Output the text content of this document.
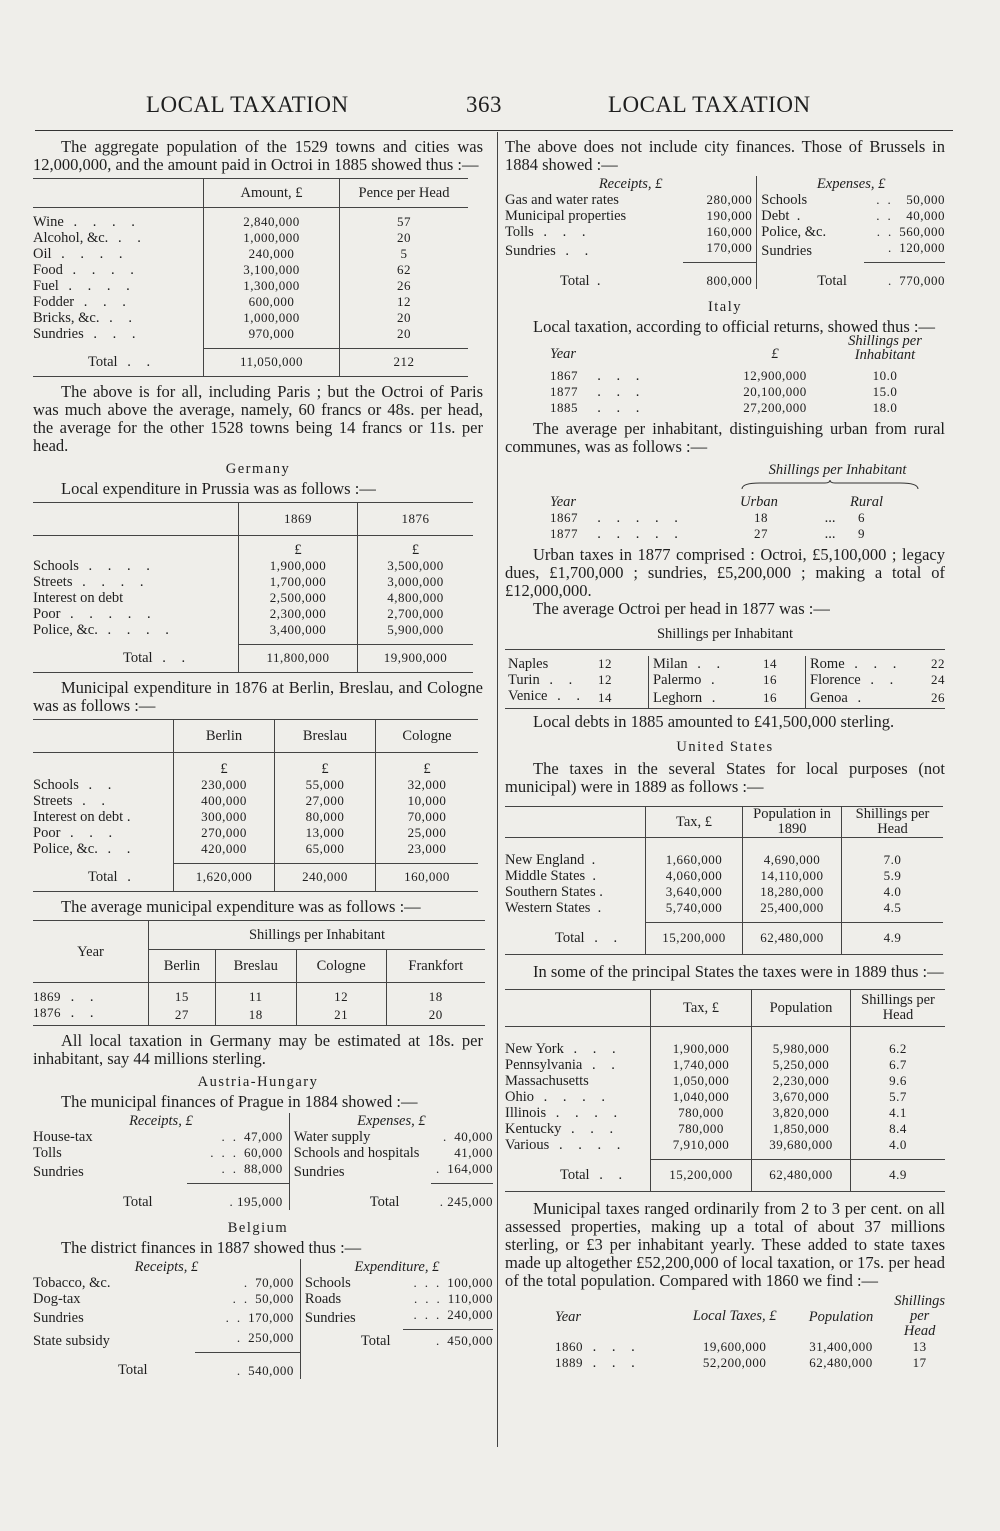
LOCAL TAXATION	363	LOCAL TAXATION

The aggregate population of the 1529 towns and cities was 12,000,000, and the amount paid in Octroi in 1885 showed thus :—

	Amount, £	Pence per Head

Wine . . . .	2,840,000	57
Alcohol, &c. . .	1,000,000	20
Oil . . . .	240,000	5
Food . . . .	3,100,000	62
Fuel . . . .	1,300,000	26
Fodder . . .	600,000	12
Bricks, &c. . .	1,000,000	20
Sundries . . .	970,000	20

Total . .	11,050,000	212

The above is for all, including Paris ; but the Octroi of Paris was much above the average, namely, 60 francs or 48s. per head, the average for the other 1528 towns being 14 francs or 11s. per head.

Germany

Local expenditure in Prussia was as follows :—

	1869	1876
	£	£
Schools . . . .	1,900,000	3,500,000
Streets . . . .	1,700,000	3,000,000
Interest on debt	2,500,000	4,800,000
Poor . . . . .	2,300,000	2,700,000
Police, &c. . . . .	3,400,000	5,900,000

Total . .	11,800,000	19,900,000

Municipal expenditure in 1876 at Berlin, Breslau, and Cologne was as follows :—

	Berlin	Breslau	Cologne
	£	£	£
Schools . .	230,000	55,000	32,000
Streets . .	400,000	27,000	10,000
Interest on debt .	300,000	80,000	70,000
Poor . . .	270,000	13,000	25,000
Police, &c. . .	420,000	65,000	23,000

Total .	1,620,000	240,000	160,000

The average municipal expenditure was as follows :—

Year	Shillings per Inhabitant			
	Berlin	Breslau	Cologne	Frankfort

1869 . .	15	11	12	18
1876 . .	27	18	21	20

All local taxation in Germany may be estimated at 18s. per inhabitant, say 44 millions sterling.

Austria-Hungary

The municipal finances of Prague in 1884 showed :—

Receipts, £		Expenses, £	
House-tax	.  .  47,000	Water supply	.  40,000
Tolls	.  .  .  60,000	Schools and hospitals	41,000
Sundries	.  .  88,000	Sundries	.  164,000
Total	. 195,000	Total	. 245,000
Belgium

The district finances in 1887 showed thus :—

Receipts, £		Expenditure, £	
Tobacco, &c.	.  70,000	Schools	.  .  .  100,000
Dog-tax	.  .  50,000	Roads	.  .  .  110,000
Sundries	.  .  170,000	Sundries	.  .  .  240,000
State subsidy	.  250,000	Total	.  450,000
Total	.  540,000		

The above does not include city finances. Those of Brussels in 1884 showed :—

Receipts, £		Expenses, £	
Gas and water rates	280,000	Schools	.  .    50,000
Municipal properties	190,000	Debt  .	.  .    40,000
Tolls . . .	160,000	Police, &c.	.  .  560,000
Sundries . .	170,000	Sundries	.  120,000
Total  .	800,000	Total	.  770,000
Italy

Local taxation, according to official returns, showed thus :—

Year	£	Shillings per Inhabitant

1867  . . .	12,900,000	10.0
1877  . . .	20,100,000	15.0
1885  . . .	27,200,000	18.0

The average per inhabitant, distinguishing urban from rural communes, was as follows :—

	Shillings per Inhabitant		

Year	Urban		Rural
1867  . . . . .	18	...	6
1877  . . . . .	27	...	9

Urban taxes in 1877 comprised : Octroi, £5,100,000 ; legacy dues, £1,700,000 ; sundries, £5,200,000 ; making a total of £12,000,000.

The average Octroi per head in 1877 was :—

Shillings per Inhabitant

Naples	12	Milan . .	14	Rome . . .	22
Turin . .	12	Palermo .	16	Florence . .	24
Venice . .	14	Leghorn .	16	Genoa .	26

Local debts in 1885 amounted to £41,500,000 sterling.

United States

The taxes in the several States for local purposes (not municipal) were in 1889 as follows :—

	Tax, £	Population in 1890	Shillings per Head

New England  .	1,660,000	4,690,000	7.0
Middle States  .	4,060,000	14,110,000	5.9
Southern States .	3,640,000	18,280,000	4.0
Western States  .	5,740,000	25,400,000	4.5

Total . .	15,200,000	62,480,000	4.9

In some of the principal States the taxes were in 1889 thus :—

	Tax, £	Population	Shillings per Head

New York . . .	1,900,000	5,980,000	6.2
Pennsylvania . .	1,740,000	5,250,000	6.7
Massachusetts	1,050,000	2,230,000	9.6
Ohio . . . .	1,040,000	3,670,000	5.7
Illinois . . . .	780,000	3,820,000	4.1
Kentucky . . .	780,000	1,850,000	8.4
Various . . . .	7,910,000	39,680,000	4.0

Total . .	15,200,000	62,480,000	4.9

Municipal taxes ranged ordinarily from 2 to 3 per cent. on all assessed properties, making up a total of about 37 millions sterling, or £3 per inhabitant yearly. These added to state taxes made up altogether £52,200,000 of local taxation, or 17s. per head of the total population. Compared with 1860 we find :—

Year	Local Taxes, £	Population	Shillings per Head
1860 . . .	19,600,000	31,400,000	13
1889 . . .	52,200,000	62,480,000	17
